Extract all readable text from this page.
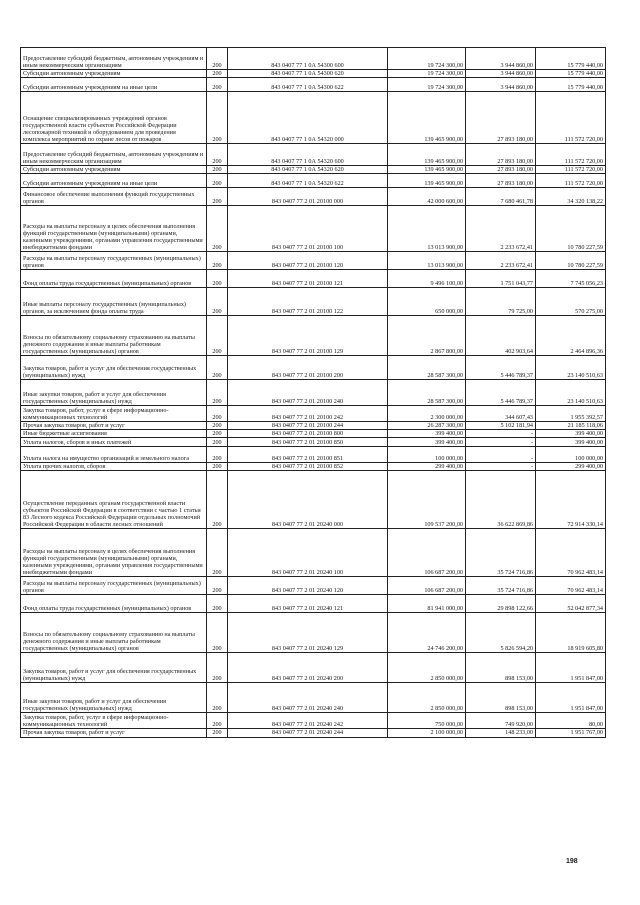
Предоставление субсидий бюджетным, автономным учреждениям и иным некоммерческим организациям	200	843 0407 77 1 0А 54300 600	19 724 300,00	3 944 860,00	15 779 440,00
Субсидии автономным учреждениям	200	843 0407 77 1 0А 54300 620	19 724 300,00	3 944 860,00	15 779 440,00
Субсидии автономным учреждениям на иные цели	200	843 0407 77 1 0А 54300 622	19 724 300,00	3 944 860,00	15 779 440,00
Оснащение специализированных учреждений органов государственной власти субъектов Российской Федерации лесопожарной техникой и оборудованием для проведения комплекса мероприятий по охране лесов от пожаров	200	843 0407 77 1 0А 54320 000	139 465 900,00	27 893 180,00	111 572 720,00
Предоставление субсидий бюджетным, автономным учреждениям и иным некоммерческим организациям	200	843 0407 77 1 0А 54320 600	139 465 900,00	27 893 180,00	111 572 720,00
Субсидии автономным учреждениям	200	843 0407 77 1 0А 54320 620	139 465 900,00	27 893 180,00	111 572 720,00
Субсидии автономным учреждениям на иные цели	200	843 0407 77 1 0А 54320 622	139 465 900,00	27 893 180,00	111 572 720,00
Финансовое обеспечение выполнения функций государственных органов	200	843 0407 77 2 01 20100 000	42 000 600,00	7 680 461,78	34 320 138,22
Расходы на выплаты персоналу в целях обеспечения выполнения функций государственными (муниципальными) органами, казенными учреждениями, органами управления государственными внебюджетными фондами	200	843 0407 77 2 01 20100 100	13 013 900,00	2 233 672,41	10 780 227,59
Расходы на выплаты персоналу государственных (муниципальных) органов	200	843 0407 77 2 01 20100 120	13 013 900,00	2 233 672,41	10 780 227,59
Фонд оплаты труда государственных (муниципальных) органов	200	843 0407 77 2 01 20100 121	9 496 100,00	1 751 043,77	7 745 056,23
Иные выплаты персоналу государственных (муниципальных) органов, за исключением фонда оплаты труда	200	843 0407 77 2 01 20100 122	650 000,00	79 725,00	570 275,00
Взносы по обязательному социальному страхованию на выплаты денежного содержания и иные выплаты работникам государственных (муниципальных) органов	200	843 0407 77 2 01 20100 129	2 867 800,00	402 903,64	2 464 896,36
Закупка товаров, работ и услуг для обеспечения государственных (муниципальных) нужд	200	843 0407 77 2 01 20100 200	28 587 300,00	5 446 789,37	23 140 510,63
Иные закупки товаров, работ и услуг для обеспечения государственных (муниципальных) нужд	200	843 0407 77 2 01 20100 240	28 587 300,00	5 446 789,37	23 140 510,63
Закупка товаров, работ, услуг в сфере информационно-коммуникационных технологий	200	843 0407 77 2 01 20100 242	2 300 000,00	344 607,43	1 955 392,57
Прочая закупка товаров, работ и услуг	200	843 0407 77 2 01 20100 244	26 287 300,00	5 102 181,94	21 185 118,06
Иные бюджетные ассигнования	200	843 0407 77 2 01 20100 800	399 400,00	-	399 400,00
Уплата налогов, сборов и иных платежей	200	843 0407 77 2 01 20100 850	399 400,00	-	399 400,00
Уплата налога на имущество организаций и земельного налога	200	843 0407 77 2 01 20100 851	100 000,00	-	100 000,00
Уплата прочих налогов, сборов	200	843 0407 77 2 01 20100 852	299 400,00	-	299 400,00
Осуществление переданных органам государственной власти субъектов Российской Федерации в соответствии с частью 1 статьи 83 Лесного кодекса Российской Федерации отдельных полномочий Российской Федерации в области лесных отношений	200	843 0407 77 2 01 20240 000	109 537 200,00	36 622 869,86	72 914 330,14
Расходы на выплаты персоналу в целях обеспечения выполнения функций государственными (муниципальными) органами, казенными учреждениями, органами управления государственными внебюджетными фондами	200	843 0407 77 2 01 20240 100	106 687 200,00	35 724 716,86	70 962 483,14
Расходы на выплаты персоналу государственных (муниципальных) органов	200	843 0407 77 2 01 20240 120	106 687 200,00	35 724 716,86	70 962 483,14
Фонд оплаты труда государственных (муниципальных) органов	200	843 0407 77 2 01 20240 121	81 941 000,00	29 898 122,66	52 042 877,34
Взносы по обязательному социальному страхованию на выплаты денежного содержания и иные выплаты работникам государственных (муниципальных) органов	200	843 0407 77 2 01 20240 129	24 746 200,00	5 826 594,20	18 919 605,80
Закупка товаров, работ и услуг для обеспечения государственных (муниципальных) нужд	200	843 0407 77 2 01 20240 200	2 850 000,00	898 153,00	1 951 847,00
Иные закупки товаров, работ и услуг для обеспечения государственных (муниципальных) нужд	200	843 0407 77 2 01 20240 240	2 850 000,00	898 153,00	1 951 847,00
Закупка товаров, работ, услуг в сфере информационно-коммуникационных технологий	200	843 0407 77 2 01 20240 242	750 000,00	749 920,00	80,00
Прочая закупка товаров, работ и услуг	200	843 0407 77 2 01 20240 244	2 100 000,00	148 233,00	1 951 767,00
198
